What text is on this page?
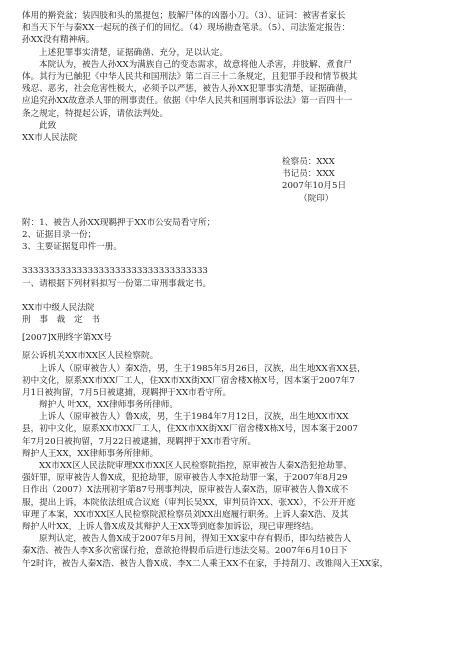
体用的擀瓷盆；装四肢和头的黑提包；肢解尸体的凶器小刀。（3）、证词：被害者家长
和当天下午与秦XX一起玩的孩子们的回忆。（4）现场勘查笔录。（5）、司法鉴定报告：
孙XX没有精神病。
上述犯罪事实清楚，证据确凿、充分，足以认定。
本院认为，被告人孙XX为满族自己的变态需求，故意将他人杀害，并肢解、煮食尸
体。其行为已触犯《中华人民共和国刑法》第二百三十二条规定，且犯罪手段和情节极其
残忍、恶劣，社会危害性极大，必须予以严惩，被告人孙XX犯罪事实清楚，证据确凿，
应追究孙XX故意杀人罪的刑事责任。依据《中华人民共和国刑事诉讼法》第一百四十一
条之规定，特提起公诉，请依法判处。
此致
XX市人民法院
检察员：XXX
书记员：XXX
2007年10月5日
（院印）
附：1、被告人孙XX现羁押于XX市公安局看守所；
2、证据目录一份；
3、主要证据复印件一册。
3333333333333333333333333333333333
一、请根据下列材料拟写一份第二审刑事裁定书。
XX市中级人民法院
刑 事 裁 定 书
[2007]X刑终字第XX号
原公诉机关XX市XX区人民检察院。
上诉人（原审被告人）秦X浩，男，生于1985年5月26日，汉族，出生地XX省XX县，
初中文化，原系XX市XX厂工人，住XX市XX街XX厂宿舍楼X栋X号，因本案于2007年7
月1日被拘留，7月5日被逮捕，现羁押于XX市看守所。
辩护人 叶XX，XX律师事务所律师。
上诉人（原审被告人）鲁X成，男，生于1984年7月12日，汉族，出生地XX市XX
县，初中文化，原系XX市XX厂工人，住XX市XX街XX厂宿舍楼X栋X号，因本案于2007
年7月20日被拘留，7月22日被逮捕，现羁押于XX市看守所。
辩护人王XX，XX律师事务所律师。
XX市XX区人民法院审理XX市XX区人民检察院指控，原审被告人秦X浩犯抢劫罪、
强奸罪，原审被告人鲁X成，犯抢劫罪，原审被告人李X抢劫罪一案，于2007年8月29
日作出（2007）X法刑初字第87号刑事判决，原审被告人秦X浩，原审被告人鲁X成不
服，提出上诉，本院依法组成合议庭（审判长吴XX，审判员许XX、张XX），不公开开庭
审理了本案，XX市XX区人民检察院派检察员刘XX出庭履行职务。上诉人秦X浩、及其
辩护人叶XX，上诉人鲁X成及其辩护人王XX等到庭参加诉讼，现已审理终结。
原判认定，被告人鲁X成于2007年5月间，得知王XX家中存有假币，即勾结被告人
秦X浩、被告人李X多次密谋行抢，意欲抢得假币后进行违法交易。2007年6月10日下
午2时许，被告人秦X浩、被告人鲁X成、李X二人乘王XX不在家，手持刮刀、改锥闯入王XX家，
